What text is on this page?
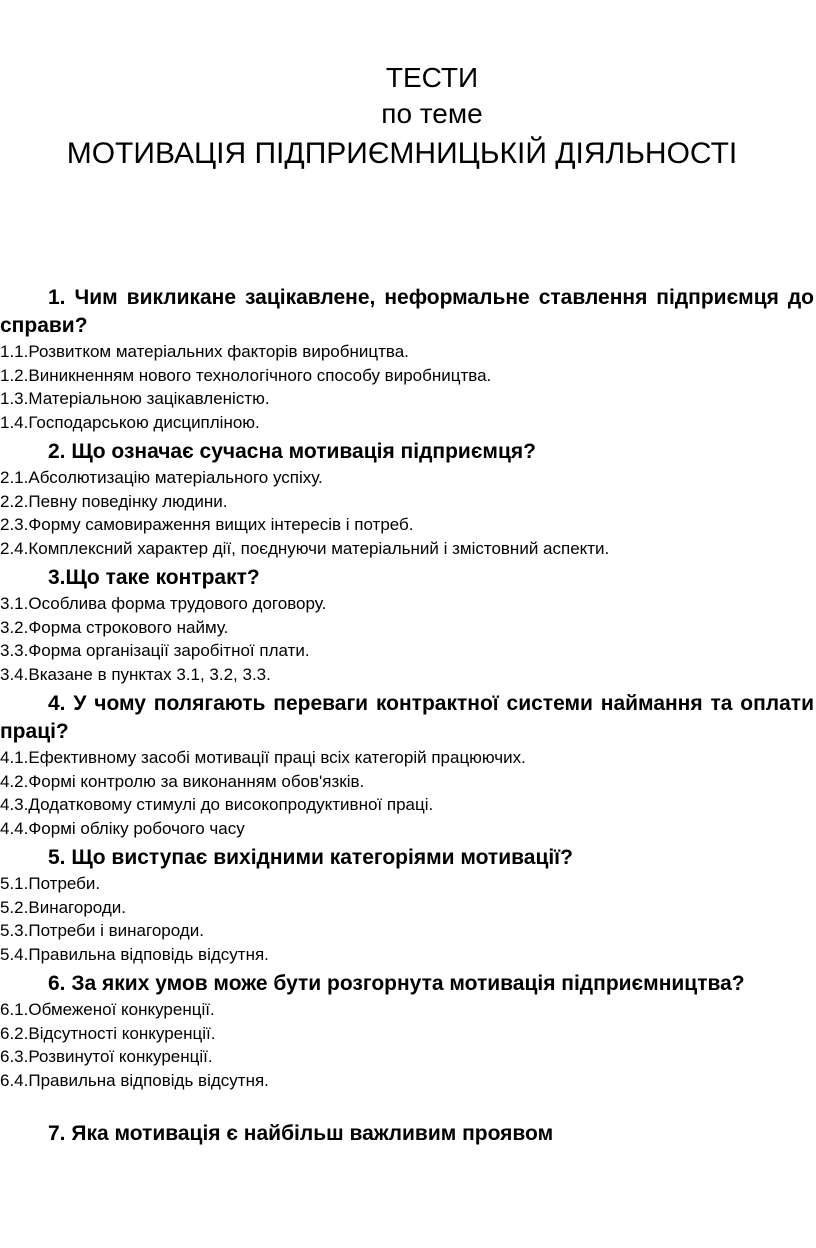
ТЕСТИ
по теме
МОТИВАЦІЯ ПІДПРИЄМНИЦЬКІЙ ДІЯЛЬНОСТІ

1. Чим викликане зацікавлене, неформальне ставлення підприємця до справи?

1.1. Розвитком матеріальних факторів виробництва.
1.2.Виникненням нового технологічного способу виробництва.
1.3. Матеріальною зацікавленістю.
1.4. Господарською дисципліною.

2. Що означає сучасна мотивація підприємця?

2.1. Абсолютизацію матеріального успіху.
2.2. Певну поведінку людини.
2.3. Форму самовираження вищих інтересів і потреб.
2.4.Комплексний характер дії, поєднуючи матеріальний і змістовний аспекти.

3.Що таке контракт?

3.1. Особлива форма трудового договору.
3.2. Форма строкового найму.
3.3. Форма організації заробітної плати.
3.4. Вказане в пунктах 3.1, 3.2, 3.3.

4. У чому полягають переваги контрактної системи наймання та оплати праці?

4.1.Ефективному засобі мотивації праці всіх категорій працюючих.
4.2. Формі контролю за виконанням обов'язків.
4.3. Додатковому стимулі до високопродуктивної праці.
4.4. Формі обліку робочого часу

5. Що виступає вихідними категоріями мотивації?

5.1. Потреби.
5.2. Винагороди.
5.3. Потреби і винагороди.
5.4. Правильна відповідь відсутня.

6. За яких умов може бути розгорнута мотивація підприємництва?

6.1. Обмеженої конкуренції.
6.2. Відсутності конкуренції.
6.3. Розвинутої конкуренції.
6.4. Правильна відповідь відсутня.

7. Яка мотивація є найбільш важливим проявом
